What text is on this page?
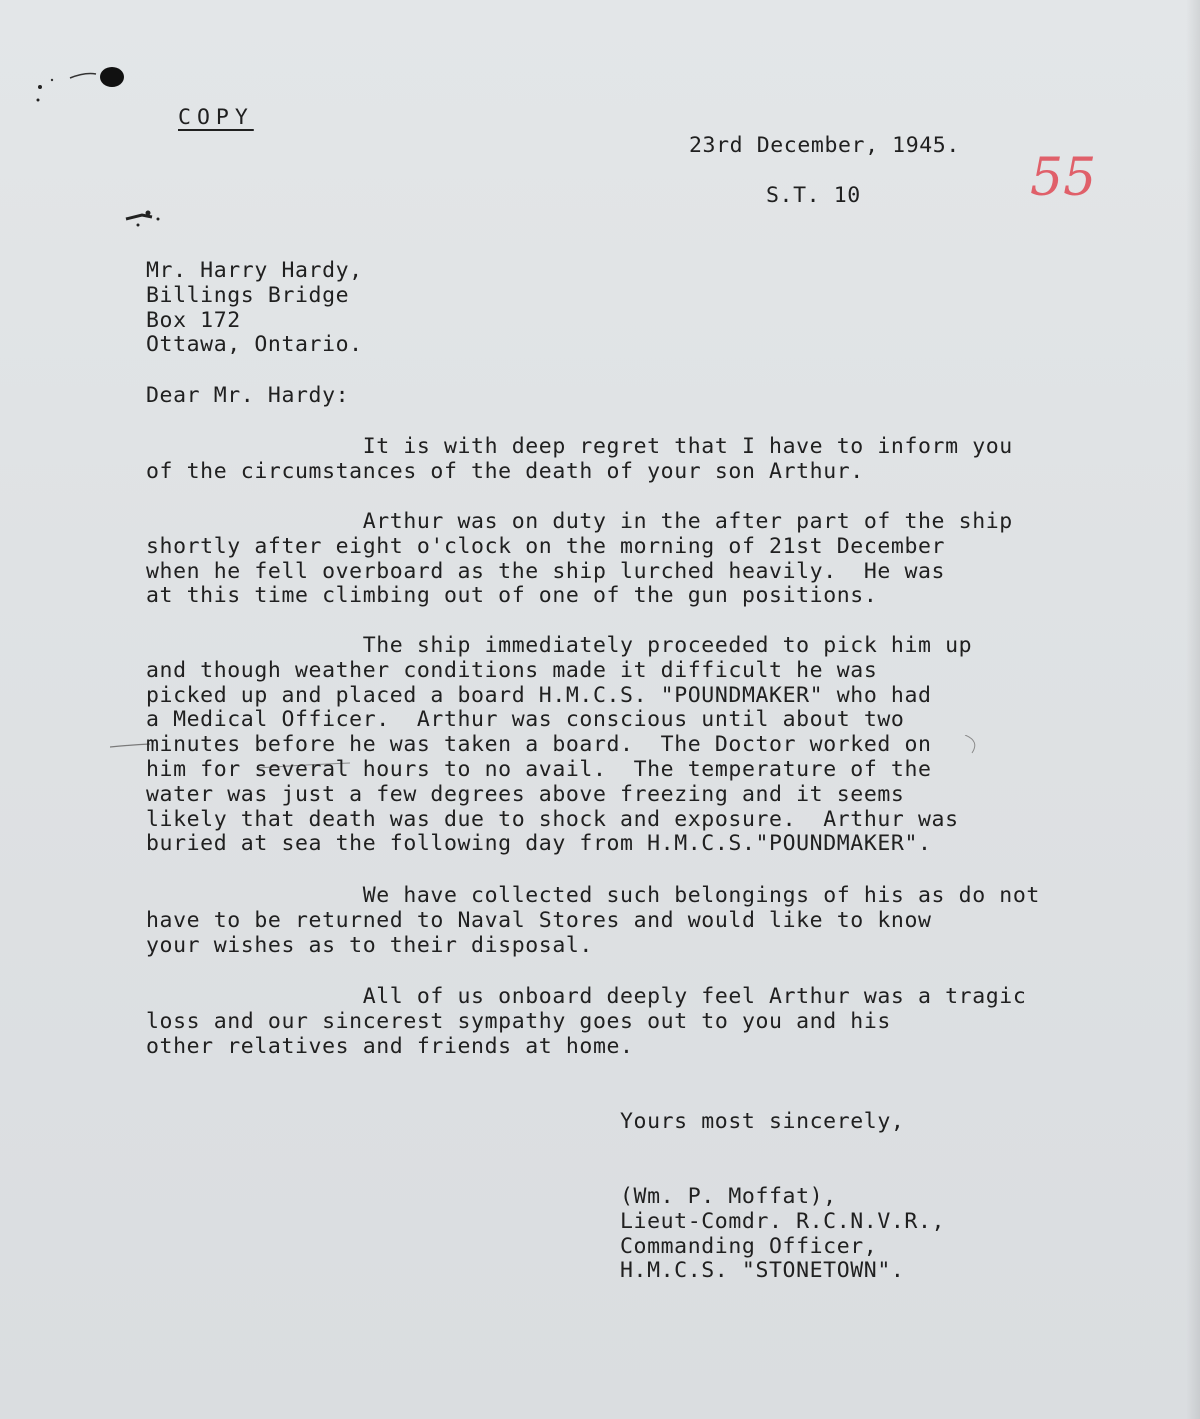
COPY
23rd December, 1945.
S.T. 10	55
Mr. Harry Hardy,
Billings Bridge
Box 172
Ottawa, Ontario.
Dear Mr. Hardy:
It is with deep regret that I have to inform you
of the circumstances of the death of your son Arthur.
Arthur was on duty in the after part of the ship
shortly after eight o'clock on the morning of 21st December
when he fell overboard as the ship lurched heavily.  He was
at this time climbing out of one of the gun positions.
The ship immediately proceeded to pick him up
and though weather conditions made it difficult he was
picked up and placed a board H.M.C.S. "POUNDMAKER" who had
a Medical Officer.  Arthur was conscious until about two
minutes before he was taken a board.  The Doctor worked on
him for several hours to no avail.  The temperature of the
water was just a few degrees above freezing and it seems
likely that death was due to shock and exposure.  Arthur was
buried at sea the following day from H.M.C.S."POUNDMAKER".
We have collected such belongings of his as do not
have to be returned to Naval Stores and would like to know
your wishes as to their disposal.
All of us onboard deeply feel Arthur was a tragic
loss and our sincerest sympathy goes out to you and his
other relatives and friends at home.
Yours most sincerely,
(Wm. P. Moffat),
Lieut-Comdr. R.C.N.V.R.,
Commanding Officer,
H.M.C.S. "STONETOWN".
